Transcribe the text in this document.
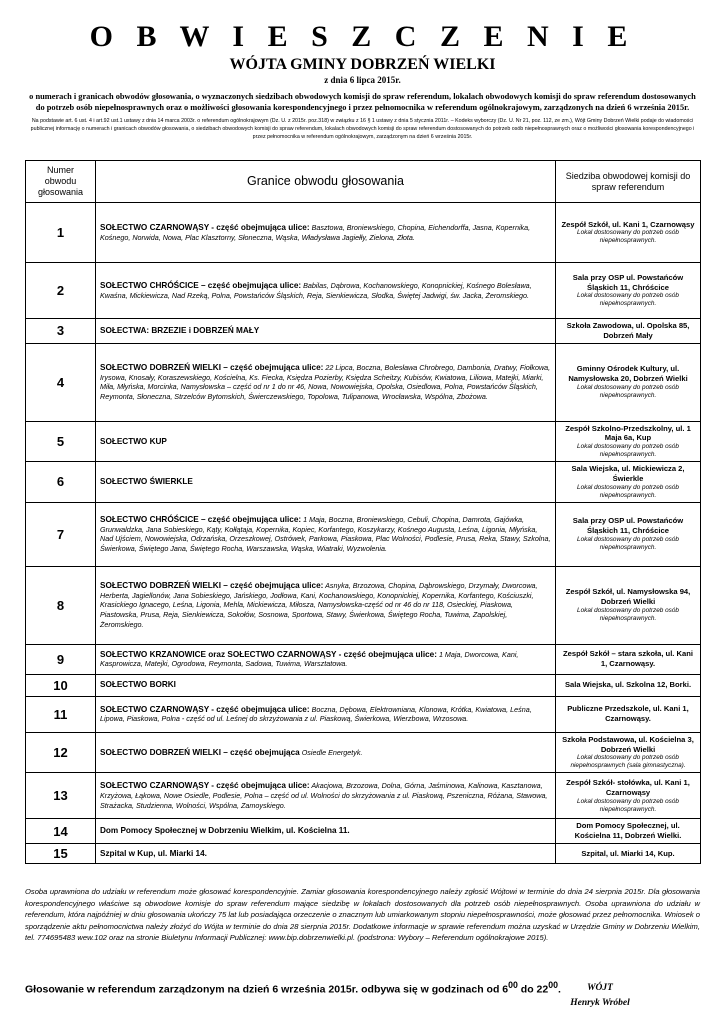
O B W I E S Z C Z E N I E
WÓJTA GMINY DOBRZEŃ WIELKI
z dnia 6 lipca 2015r.
o numerach i granicach obwodów głosowania, o wyznaczonych siedzibach obwodowych komisji do spraw referendum, lokalach obwodowych komisji do spraw referendum dostosowanych do potrzeb osób niepełnosprawnych oraz o możliwości głosowania korespondencyjnego i przez pełnomocnika w referendum ogólnokrajowym, zarządzonych na dzień 6 września 2015r.
Na podstawie art. 6 ust. 4 i art.92 ust.1 ustawy z dnia 14 marca 2003r. o referendum ogólnokrajowym (Dz. U. z 2015r. poz.318) w związku z 16 § 1 ustawy z dnia 5 stycznia 2011r. – Kodeks wyborczy (Dz. U. Nr 21, poz. 112, ze zm.), Wójt Gminy Dobrzeń Wielki podaje do wiadomości publicznej informację o numerach i granicach obwodów głosowania, o siedzibach obwodowych komisji do spraw referendum, lokalach obwodowych komisji do spraw referendum dostosowanych do potrzeb osób niepełnosprawnych oraz o możliwości głosowania korespondencyjnego i przez pełnomocnika w referendum ogólnokrajowym, zarządzonym na dzień 6 września 2015r.
Numer obwodu głosowania	Granice obwodu głosowania	Siedziba obwodowej komisji do spraw referendum
1	SOŁECTWO CZARNOWĄSY - część obejmująca ulice: Basztowa, Broniewskiego, Chopina, Eichendorffa, Jasna, Kopernika, Kośnego, Norwida, Nowa, Plac Klasztorny, Słoneczna, Wąska, Władysława Jagiełły, Zielona, Złota.	Zespół Szkół, ul. Kani 1, Czarnowąsy
Lokal dostosowany do potrzeb osób niepełnosprawnych.

2	SOŁECTWO CHRÓŚCICE – część obejmująca ulice: Babilas, Dąbrowa, Kochanowskiego, Konopnickiej, Kośnego Bolesława, Kwaśna, Mickiewicza, Nad Rzeką, Polna, Powstańców Śląskich, Reja, Sienkiewicza, Słodka, Świętej Jadwigi, św. Jacka, Żeromskiego.	Sala przy OSP ul. Powstańców Śląskich 11, Chróścice
Lokal dostosowany do potrzeb osób niepełnosprawnych.

3	SOŁECTWA: BRZEZIE i DOBRZEŃ MAŁY	Szkoła Zawodowa, ul. Opolska 85, Dobrzeń Mały
4	SOŁECTWO DOBRZEŃ WIELKI – część obejmująca ulice: 22 Lipca, Boczna, Bolesława Chrobrego, Dambonia, Dratwy, Fiołkowa, Irysowa, Knosały, Koraszewskiego, Kościelna, Ks. Fiecka, Księdza Pozierby, Księdza Scheitzy, Kubisów, Kwiatowa, Liliowa, Matejki, Miarki, Miła, Młyńska, Morcinka, Namysłowska – część od nr 1 do nr 46, Nowa, Nowowiejska, Opolska, Osiedlowa, Polna, Powstańców Śląskich, Reymonta, Słoneczna, Strzelców Bytomskich, Świerczewskiego, Topolowa, Tulipanowa, Wrocławska, Wspólna, Zbożowa.	Gminny Ośrodek Kultury, ul. Namysłowska 20, Dobrzeń Wielki
Lokal dostosowany do potrzeb osób niepełnosprawnych.

5	SOŁECTWO KUP	Zespół Szkolno-Przedszkolny, ul. 1 Maja 6a, Kup
Lokal dostosowany do potrzeb osób niepełnosprawnych.

6	SOŁECTWO ŚWIERKLE	Sala Wiejska, ul. Mickiewicza 2, Świerkle
Lokal dostosowany do potrzeb osób niepełnosprawnych.

7	SOŁECTWO CHRÓŚCICE – część obejmująca ulice: 1 Maja, Boczna, Broniewskiego, Cebuli, Chopina, Damrota, Gajówka, Grunwaldzka, Jana Sobieskiego, Kąty, Kołłątaja, Kopernika, Kopiec, Korfantego, Koszykarzy, Kośnego Augusta, Leśna, Ligonia, Młyńska, Nad Ujściem, Nowowiejska, Odrzańska, Orzeszkowej, Ostrówek, Parkowa, Piaskowa, Plac Wolności, Podlesie, Prusa, Reka, Stawy, Szkolna, Świerkowa, Świętego Jana, Świętego Rocha, Warszawska, Wąska, Wiatraki, Wyzwolenia.	Sala przy OSP ul. Powstańców Śląskich 11, Chróścice
Lokal dostosowany do potrzeb osób niepełnosprawnych.

8	SOŁECTWO DOBRZEŃ WIELKI – część obejmująca ulice: Asnyka, Brzozowa, Chopina, Dąbrowskiego, Drzymały, Dworcowa, Herberta, Jagiellonów, Jana Sobieskiego, Jańskiego, Jodłowa, Kani, Kochanowskiego, Konopnickiej, Kopernika, Korfantego, Kościuszki, Krasickiego Ignacego, Leśna, Ligonia, Mehla, Mickiewicza, Miłosza, Namysłowska-część od nr 46 do nr 118, Osieckiej, Piaskowa, Piastowska, Prusa, Reja, Sienkiewicza, Sokołów, Sosnowa, Sportowa, Stawy, Świerkowa, Świętego Rocha, Tuwima, Zapolskiej, Żeromskiego.	Zespół Szkół, ul. Namysłowska 94, Dobrzeń Wielki
Lokal dostosowany do potrzeb osób niepełnosprawnych.

9	SOŁECTWO KRZANOWICE oraz SOŁECTWO CZARNOWĄSY - część obejmująca ulice: 1 Maja, Dworcowa, Kani, Kasprowicza, Matejki, Ogrodowa, Reymonta, Sadowa, Tuwima, Warsztatowa.	Zespół Szkół – stara szkoła, ul. Kani 1, Czarnowąsy.
10	SOŁECTWO BORKI	Sala Wiejska, ul. Szkolna 12, Borki.
11	SOŁECTWO CZARNOWĄSY - część obejmująca ulice: Boczna, Dębowa, Elektrowniana, Klonowa, Krótka, Kwiatowa, Leśna, Lipowa, Piaskowa, Polna - część od ul. Leśnej do skrzyżowania z ul. Piaskową, Świerkowa, Wierzbowa, Wrzosowa.	Publiczne Przedszkole, ul. Kani 1, Czarnowąsy.
12	SOŁECTWO DOBRZEŃ WIELKI – część obejmująca Osiedle Energetyk.	Szkoła Podstawowa, ul. Kościelna 3, Dobrzeń Wielki
Lokal dostosowany do potrzeb osób niepełnosprawnych (sala gimnastyczna).

13	SOŁECTWO CZARNOWĄSY - część obejmująca ulice: Akacjowa, Brzozowa, Dolna, Górna, Jaśminowa, Kalinowa, Kasztanowa, Krzyżowa, Łąkowa, Nowe Osiedle, Podlesie, Polna – część od ul. Wolności do skrzyżowania z ul. Piaskową, Pszeniczna, Różana, Stawowa, Strażacka, Studzienna, Wolności, Wspólna, Zamoyskiego.	Zespół Szkół- stołówka, ul. Kani 1, Czarnowąsy
Lokal dostosowany do potrzeb osób niepełnosprawnych.

14	Dom Pomocy Społecznej w Dobrzeniu Wielkim, ul. Kościelna 11.	Dom Pomocy Społecznej, ul. Kościelna 11, Dobrzeń Wielki.
15	Szpital w Kup, ul. Miarki 14.	Szpital, ul. Miarki 14, Kup.
Osoba uprawniona do udziału w referendum może głosować korespondencyjnie. Zamiar głosowania korespondencyjnego należy zgłosić Wójtowi w terminie do dnia 24 sierpnia 2015r. Dla głosowania korespondencyjnego właściwe są obwodowe komisje do spraw referendum mające siedzibę w lokalach dostosowanych dla potrzeb osób niepełnosprawnych. Osoba uprawniona do udziału w referendum, która najpóźniej w dniu głosowania ukończy 75 lat lub posiadająca orzeczenie o znacznym lub umiarkowanym stopniu niepełnosprawności, może głosować przez pełnomocnika. Wniosek o sporządzenie aktu pełnomocnictwa należy złożyć do Wójta w terminie do dnia 28 sierpnia 2015r. Dodatkowe informacje w sprawie referendum można uzyskać w Urzędzie Gminy w Dobrzeniu Wielkim, tel. 774695483 wew.102 oraz na stronie Biuletynu Informacji Publicznej: www.bip.dobrzenwielki.pl. (podstrona: Wybory – Referendum ogólnokrajowe 2015).
Głosowanie w referendum zarządzonym na dzień 6 września 2015r. odbywa się w godzinach od $6^{00}$ do $22^{00}$.	WÓJT
Henryk Wróbel
